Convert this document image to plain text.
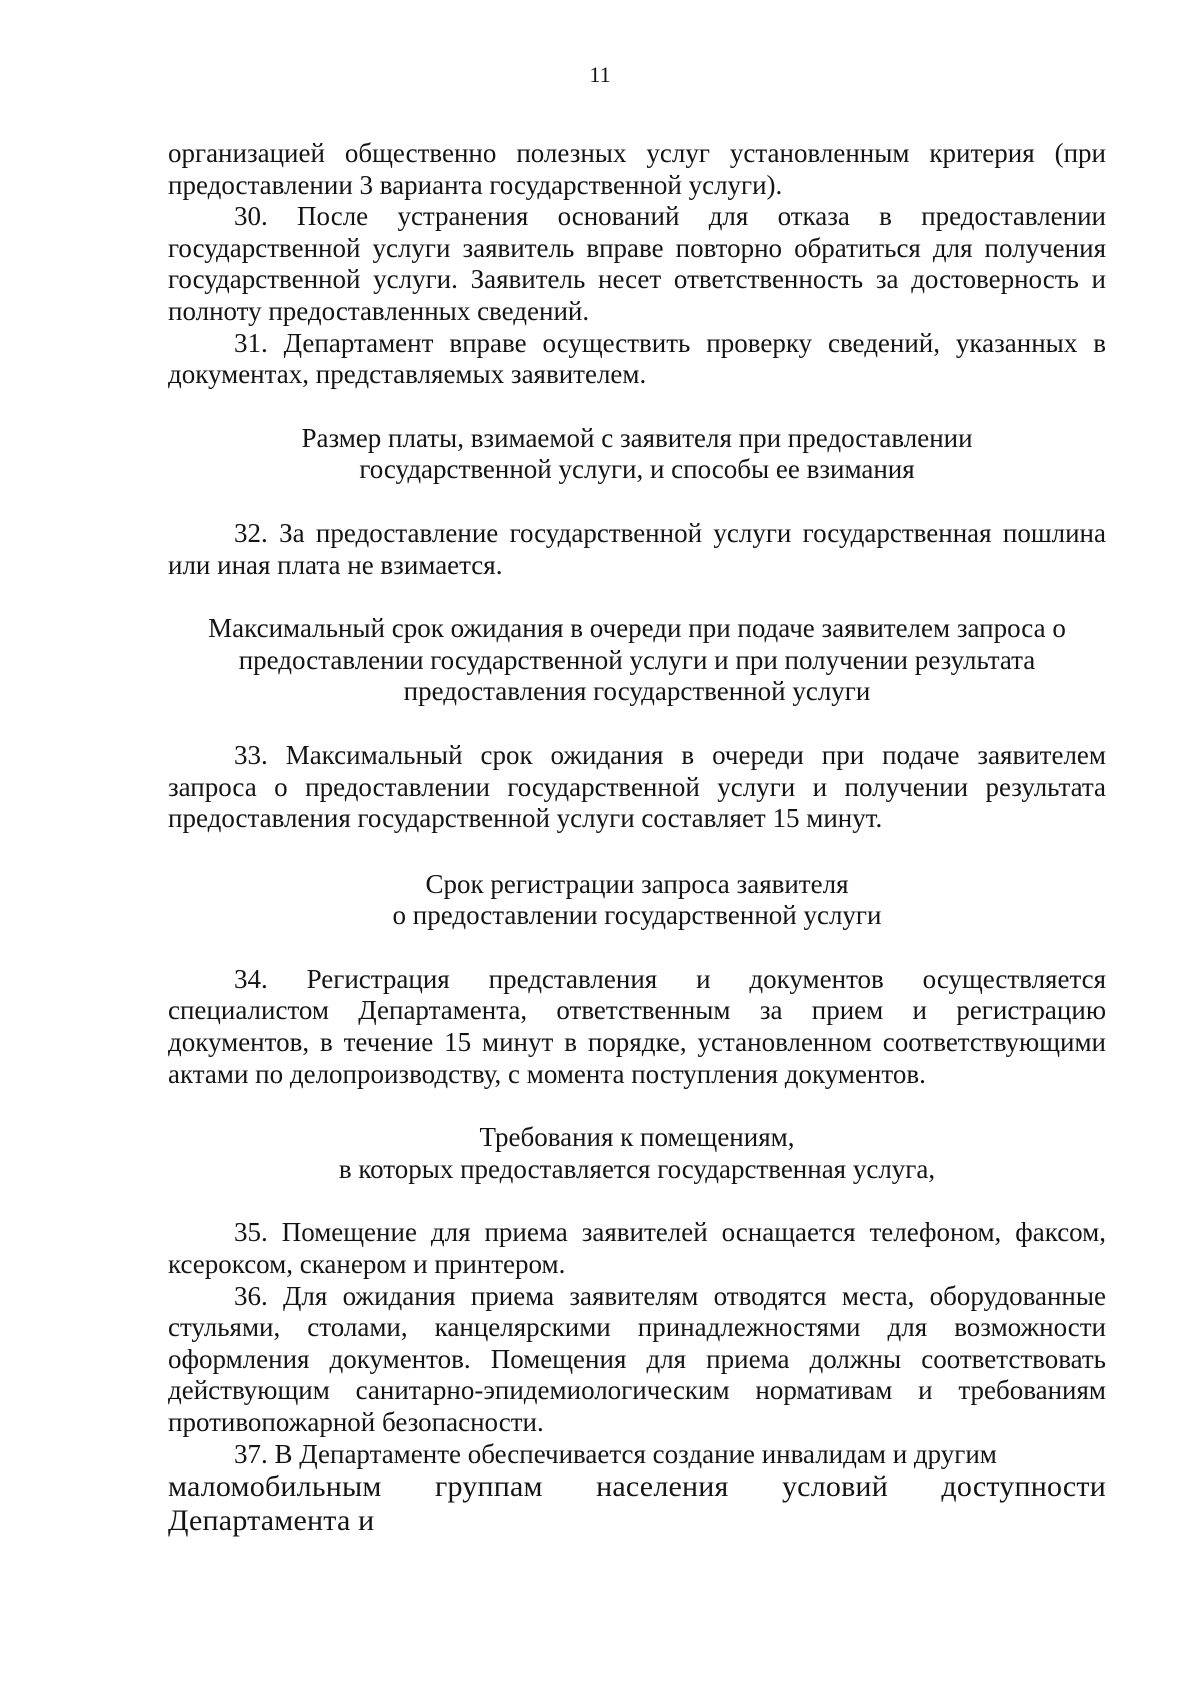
11

организацией общественно полезных услуг установленным критерия (при предоставлении 3 варианта государственной услуги).

30. После устранения оснований для отказа в предоставлении государственной услуги заявитель вправе повторно обратиться для получения государственной услуги. Заявитель несет ответственность за достоверность и полноту предоставленных сведений.

31. Департамент вправе осуществить проверку сведений, указанных в документах, представляемых заявителем.

Размер платы, взимаемой с заявителя при предоставлении
государственной услуги, и способы ее взимания

32. За предоставление государственной услуги государственная пошлина или иная плата не взимается.

Максимальный срок ожидания в очереди при подаче заявителем запроса о
предоставлении государственной услуги и при получении результата
предоставления государственной услуги

33. Максимальный срок ожидания в очереди при подаче заявителем запроса о предоставлении государственной услуги и получении результата предоставления государственной услуги составляет 15 минут.

Срок регистрации запроса заявителя
о предоставлении государственной услуги

34. Регистрация представления и документов осуществляется специалистом Департамента, ответственным за прием и регистрацию документов, в течение 15 минут в порядке, установленном соответствующими актами по делопроизводству, с момента поступления документов.

Требования к помещениям,
в которых предоставляется государственная услуга,

35. Помещение для приема заявителей оснащается телефоном, факсом, ксероксом, сканером и принтером.

36. Для ожидания приема заявителям отводятся места, оборудованные стульями, столами, канцелярскими принадлежностями для возможности оформления документов. Помещения для приема должны соответствовать действующим санитарно-эпидемиологическим нормативам и требованиям противопожарной безопасности.

37. В Департаменте обеспечивается создание инвалидам и другим

маломобильным группам населения условий доступности Департамента и
